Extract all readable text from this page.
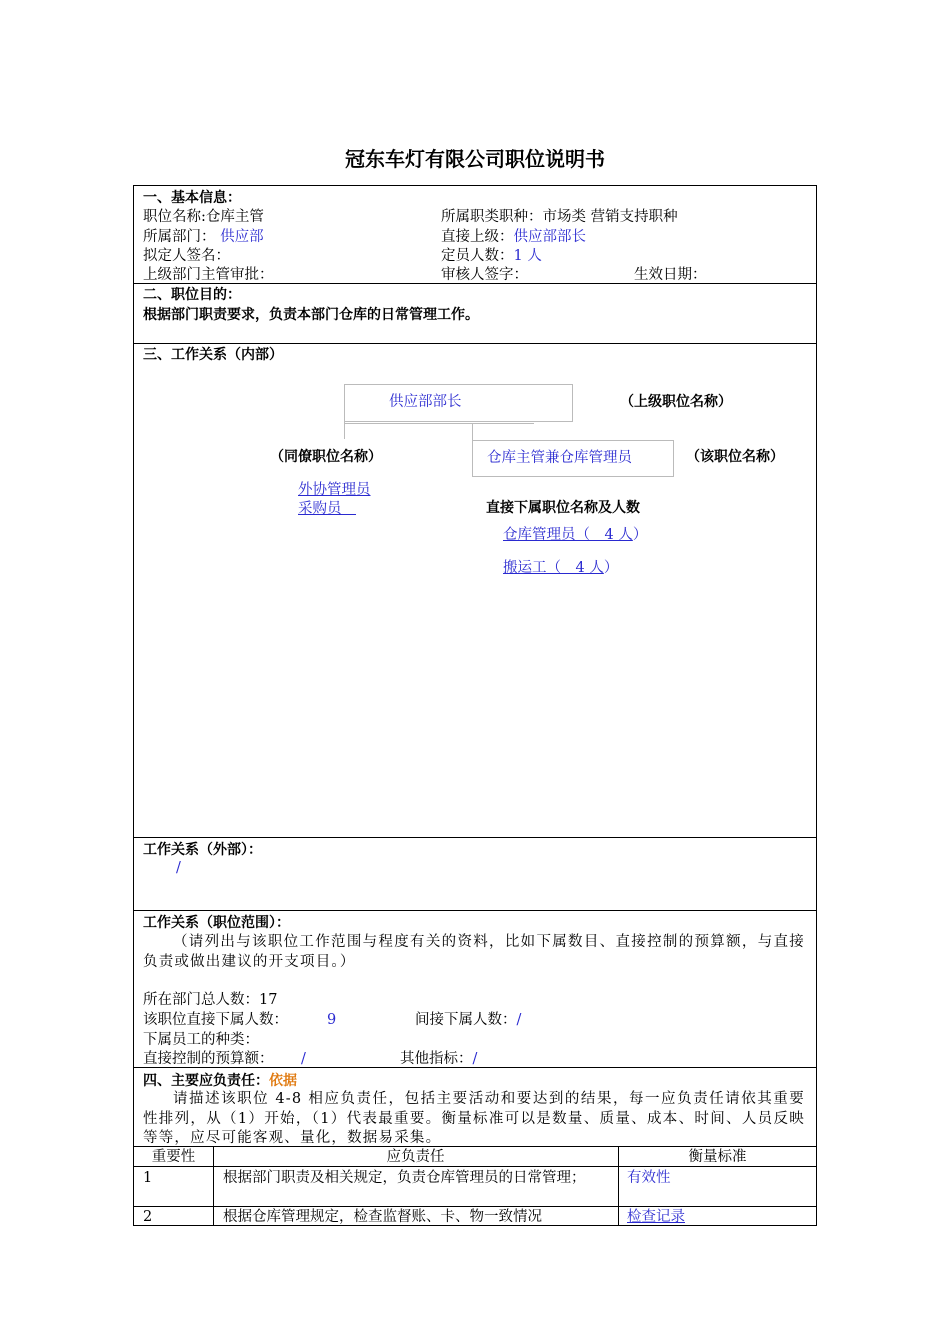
冠东车灯有限公司职位说明书
一、基本信息：
职位名称:仓库主管	所属职类职种：市场类 营销支持职种
所属部门： 供应部	直接上级：供应部部长
拟定人签名：	定员人数：1 人
上级部门主管审批：	审核人签字：	生效日期：
二、职位目的：
根据部门职责要求，负责本部门仓库的日常管理工作。
三、工作关系（内部）
供应部部长	（上级职位名称）
（同僚职位名称）	仓库主管兼仓库管理员	（该职位名称）
外协管理员
采购员　	直接下属职位名称及人数
仓库管理员（　4 人）
搬运工（　4 人）
工作关系（外部）：
/
工作关系（职位范围）：
（请列出与该职位工作范围与程度有关的资料，比如下属数目、直接控制的预算额，与直接负责或做出建议的开支项目。）
所在部门总人数：17
该职位直接下属人数：	9	间接下属人数：/
下属员工的种类：
直接控制的预算额： /	其他指标：/
四、主要应负责任：依据
请描述该职位 4-8 相应负责任，包括主要活动和要达到的结果，每一应负责任请依其重要性排列，从（1）开始，（1）代表最重要。衡量标准可以是数量、质量、成本、时间、人员反映等等，应尽可能客观、量化，数据易采集。
重要性	应负责任	衡量标准
1	根据部门职责及相关规定，负责仓库管理员的日常管理；	有效性
2	根据仓库管理规定，检查监督账、卡、物一致情况	检查记录
